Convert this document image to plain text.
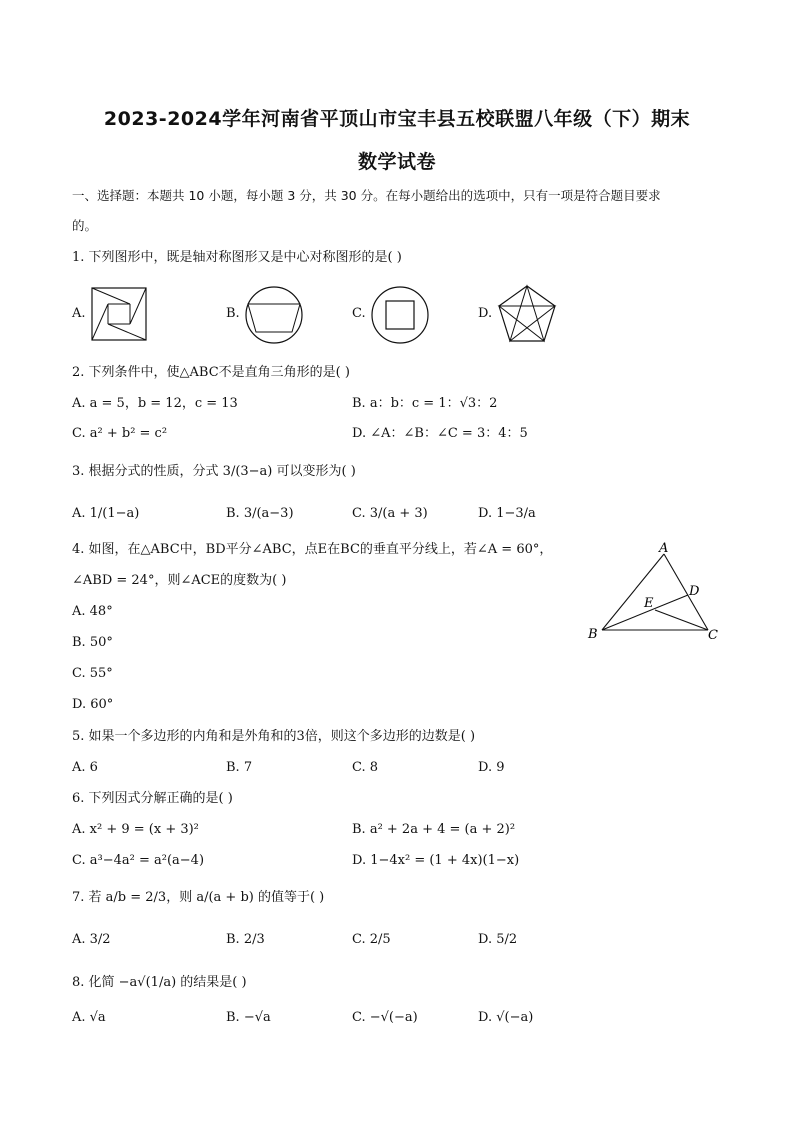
2023-2024学年河南省平顶山市宝丰县五校联盟八年级（下）期末
数学试卷
一、选择题：本题共 10 小题，每小题 3 分，共 30 分。在每小题给出的选项中，只有一项是符合题目要求
的。
1. 下列图形中，既是轴对称图形又是中心对称图形的是( )
A.	B.	C.	D.
2. 下列条件中，使△ABC不是直角三角形的是( )
A. a = 5，b = 12，c = 13	B. a：b：c = 1：√3：2
C. a² + b² = c²	D. ∠A：∠B：∠C = 3：4：5
3. 根据分式的性质，分式 3/(3−a) 可以变形为( )
A. 1/(1−a)	B. 3/(a−3)	C. 3/(a + 3)	D. 1−3/a
4. 如图，在△ABC中，BD平分∠ABC，点E在BC的垂直平分线上，若∠A = 60°，
∠ABD = 24°，则∠ACE的度数为( )
A. 48°
B. 50°
C. 55°
D. 60°
A
B	C
D
E
5. 如果一个多边形的内角和是外角和的3倍，则这个多边形的边数是( )
A. 6	B. 7	C. 8	D. 9
6. 下列因式分解正确的是( )
A. x² + 9 = (x + 3)²	B. a² + 2a + 4 = (a + 2)²
C. a³−4a² = a²(a−4)	D. 1−4x² = (1 + 4x)(1−x)
7. 若 a/b = 2/3，则 a/(a + b) 的值等于( )
A. 3/2	B. 2/3	C. 2/5	D. 5/2
8. 化简 −a√(1/a) 的结果是( )
A. √a	B. −√a	C. −√(−a)	D. √(−a)
